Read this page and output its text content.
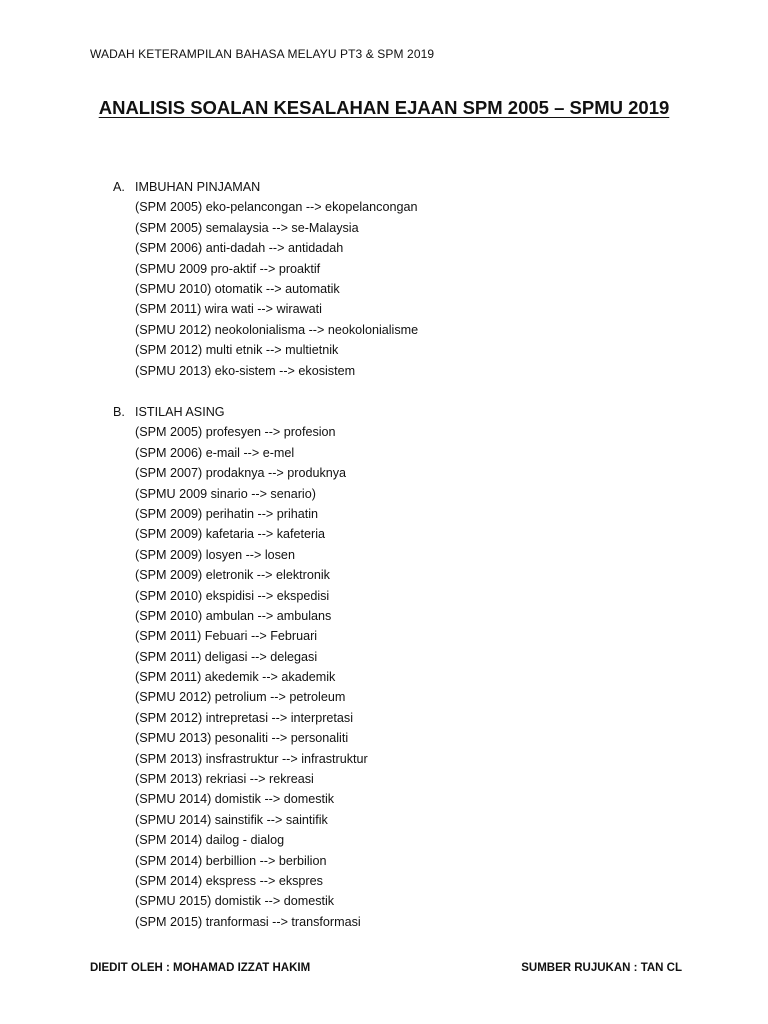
WADAH KETERAMPILAN BAHASA MELAYU PT3 & SPM 2019
ANALISIS SOALAN KESALAHAN EJAAN SPM 2005 – SPMU 2019
A. IMBUHAN PINJAMAN
(SPM 2005) eko-pelancongan --> ekopelancongan
(SPM 2005) semalaysia --> se-Malaysia
(SPM 2006) anti-dadah --> antidadah
(SPMU 2009 pro-aktif --> proaktif
(SPMU 2010) otomatik --> automatik
(SPM 2011) wira wati --> wirawati
(SPMU 2012) neokolonialisma --> neokolonialisme
(SPM 2012) multi etnik --> multietnik
(SPMU 2013) eko-sistem --> ekosistem
B. ISTILAH ASING
(SPM 2005) profesyen --> profesion
(SPM 2006) e-mail --> e-mel
(SPM 2007) prodaknya --> produknya
(SPMU 2009 sinario --> senario)
(SPM 2009) perihatin --> prihatin
(SPM 2009) kafetaria --> kafeteria
(SPM 2009) losyen --> losen
(SPM 2009) eletronik --> elektronik
(SPM 2010) ekspidisi --> ekspedisi
(SPM 2010) ambulan --> ambulans
(SPM 2011) Febuari --> Februari
(SPM 2011) deligasi --> delegasi
(SPM 2011) akedemik --> akademik
(SPMU 2012) petrolium --> petroleum
(SPM 2012) intrepretasi --> interpretasi
(SPMU 2013) pesonaliti --> personaliti
(SPM 2013) insfrastruktur --> infrastruktur
(SPM 2013) rekriasi --> rekreasi
(SPMU 2014) domistik --> domestik
(SPMU 2014) sainstifik --> saintifik
(SPM 2014) dailog - dialog
(SPM 2014) berbillion --> berbilion
(SPM 2014) ekspress --> ekspres
(SPMU 2015) domistik --> domestik
(SPM 2015) tranformasi --> transformasi
DIEDIT OLEH : MOHAMAD IZZAT HAKIM	SUMBER RUJUKAN : TAN CL
